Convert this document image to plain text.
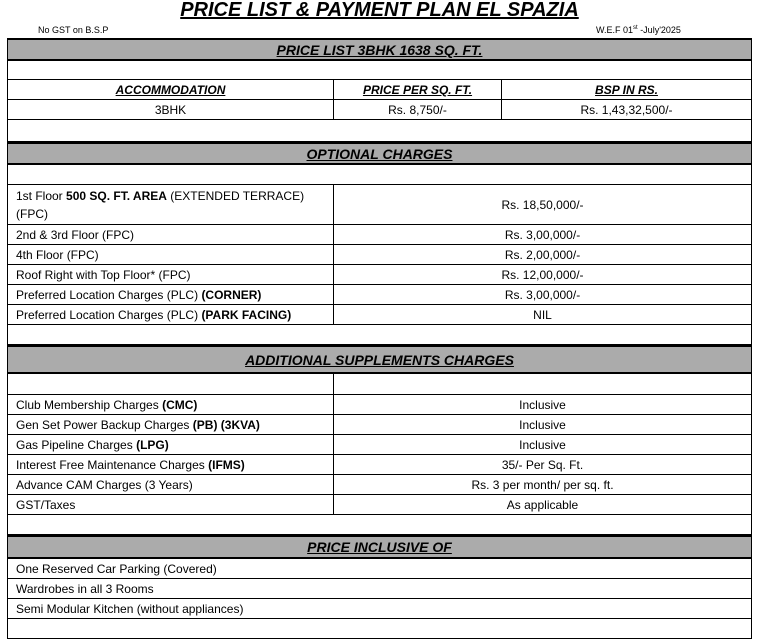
PRICE LIST & PAYMENT PLAN EL SPAZIA
No GST on B.S.P	W.E.F 01st -July'2025
PRICE LIST 3BHK 1638 SQ. FT.
ACCOMMODATION	PRICE PER SQ. FT.	BSP IN RS.
3BHK	Rs. 8,750/-	Rs. 1,43,32,500/-
OPTIONAL CHARGES
1st Floor 500 SQ. FT. AREA (EXTENDED TERRACE) (FPC)
Rs. 18,50,000/-
2nd & 3rd Floor (FPC)	Rs. 3,00,000/-
4th Floor (FPC)	Rs. 2,00,000/-
Roof Right with Top Floor* (FPC)	Rs. 12,00,000/-
Preferred Location Charges (PLC)
(CORNER)	Rs. 3,00,000/-
Preferred Location Charges (PLC)
(PARK FACING)	NIL
ADDITIONAL SUPPLEMENTS CHARGES
Club Membership Charges
(CMC)	Inclusive
Gen Set Power Backup Charges
(PB) (3KVA)	Inclusive
Gas Pipeline Charges
(LPG)	Inclusive
Interest Free Maintenance Charges
(IFMS)	35/- Per Sq. Ft.
Advance CAM Charges (3 Years)	Rs. 3 per month/ per sq. ft.
GST/Taxes	As applicable
PRICE INCLUSIVE OF
One Reserved Car Parking (Covered)
Wardrobes in all 3 Rooms
Semi Modular Kitchen (without appliances)
